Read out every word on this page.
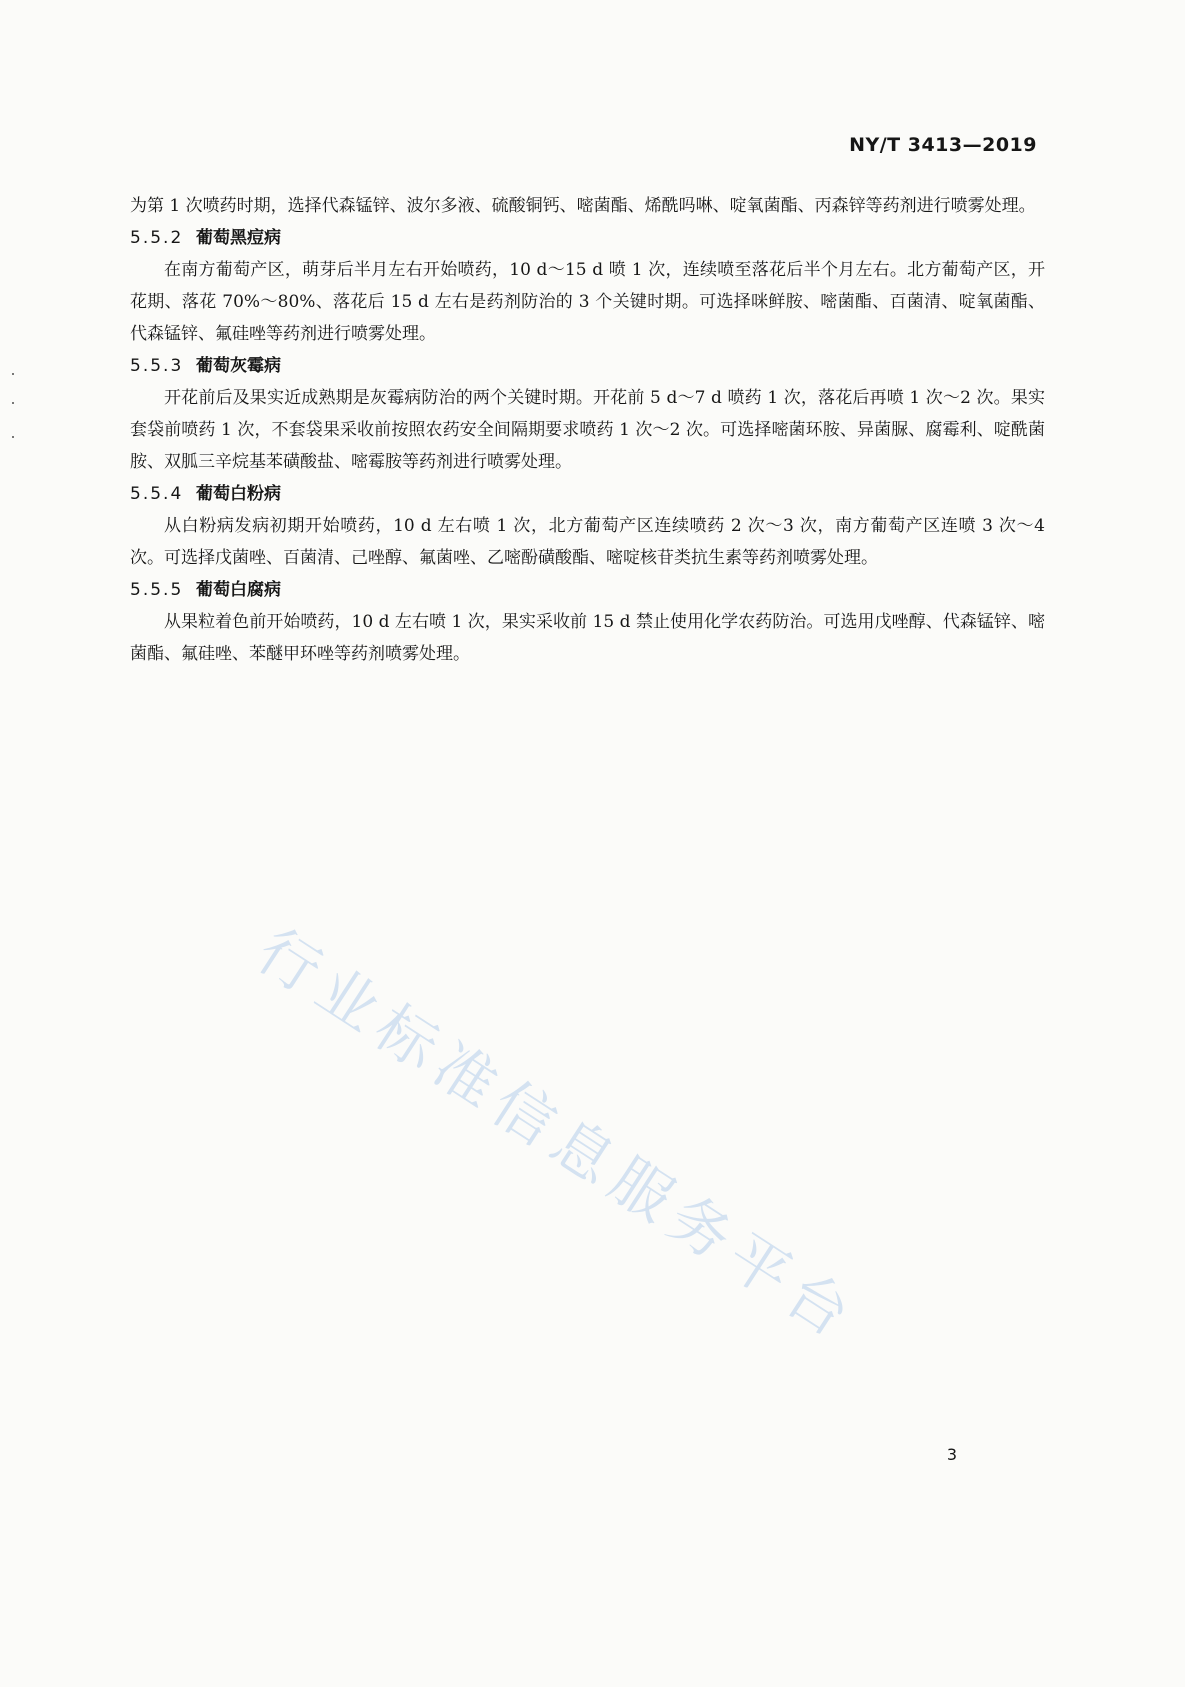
NY/T 3413—2019

为第 1 次喷药时期，选择代森锰锌、波尔多液、硫酸铜钙、嘧菌酯、烯酰吗啉、啶氧菌酯、丙森锌等药剂进行喷雾处理。

5.5.2 葡萄黑痘病

在南方葡萄产区，萌芽后半月左右开始喷药，10 d～15 d 喷 1 次，连续喷至落花后半个月左右。北方葡萄产区，开花期、落花 70%～80%、落花后 15 d 左右是药剂防治的 3 个关键时期。可选择咪鲜胺、嘧菌酯、百菌清、啶氧菌酯、代森锰锌、氟硅唑等药剂进行喷雾处理。

5.5.3 葡萄灰霉病

开花前后及果实近成熟期是灰霉病防治的两个关键时期。开花前 5 d～7 d 喷药 1 次，落花后再喷 1 次～2 次。果实套袋前喷药 1 次，不套袋果采收前按照农药安全间隔期要求喷药 1 次～2 次。可选择嘧菌环胺、异菌脲、腐霉利、啶酰菌胺、双胍三辛烷基苯磺酸盐、嘧霉胺等药剂进行喷雾处理。

5.5.4 葡萄白粉病

从白粉病发病初期开始喷药，10 d 左右喷 1 次，北方葡萄产区连续喷药 2 次～3 次，南方葡萄产区连喷 3 次～4 次。可选择戊菌唑、百菌清、己唑醇、氟菌唑、乙嘧酚磺酸酯、嘧啶核苷类抗生素等药剂喷雾处理。

5.5.5 葡萄白腐病

从果粒着色前开始喷药，10 d 左右喷 1 次，果实采收前 15 d 禁止使用化学农药防治。可选用戊唑醇、代森锰锌、嘧菌酯、氟硅唑、苯醚甲环唑等药剂喷雾处理。

行业标准信息服务平台
3
